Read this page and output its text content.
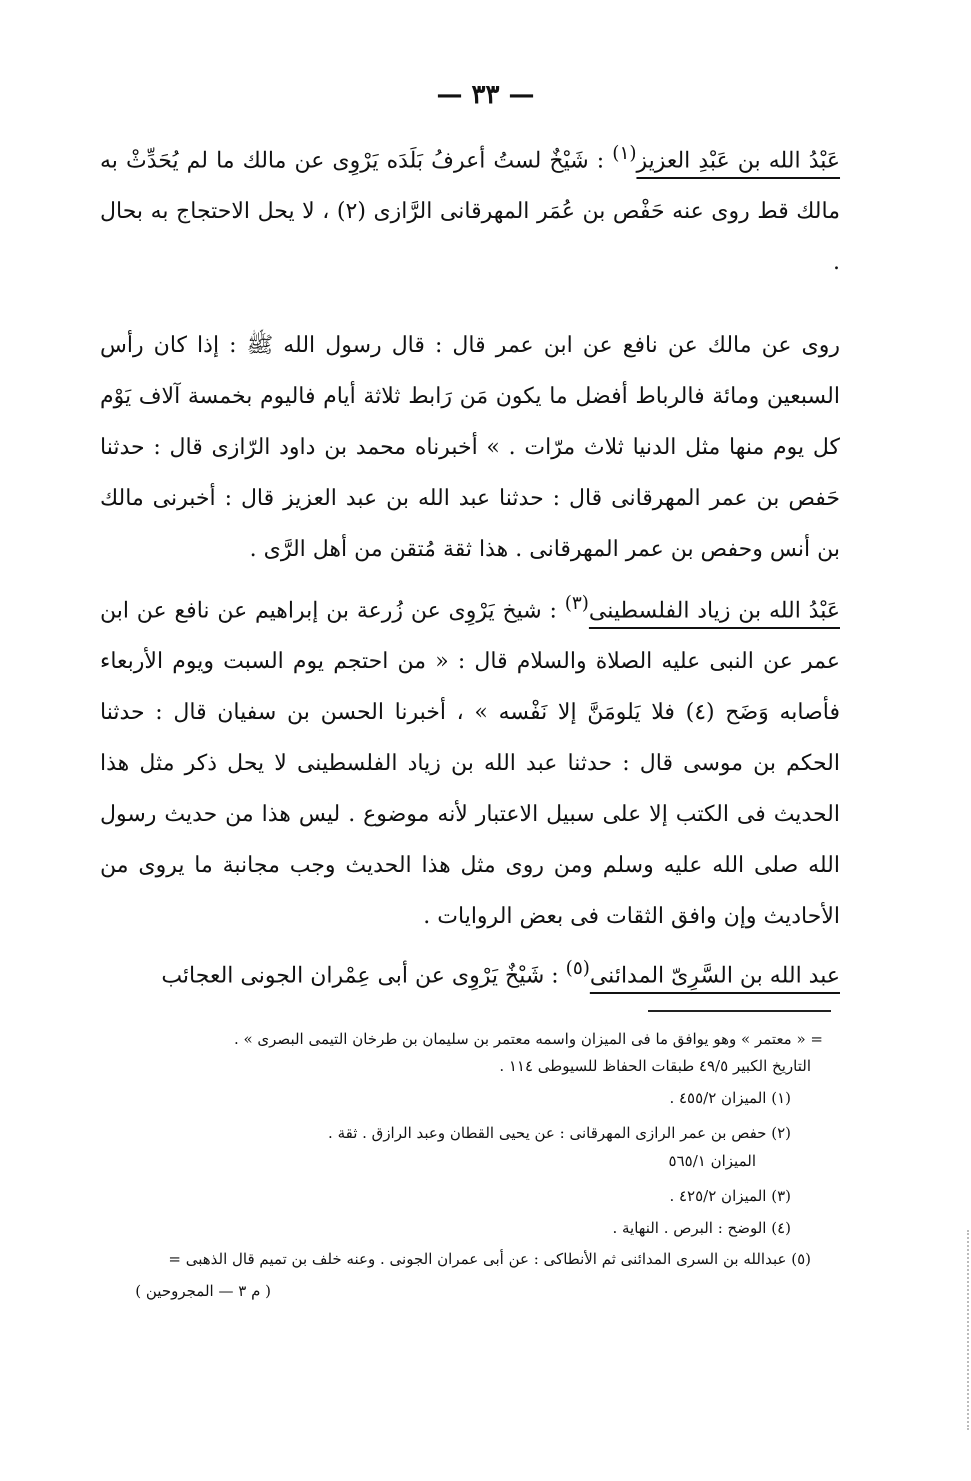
— ٣٣ —
عَبْدُ الله بن عَبْدِ العزيز$^{(١)}$ : شَيْخٌ لستُ أعرفُ بَلَدَه يَرْوِى عن مالك ما لم يُحَدِّثْ به مالك قط روى عنه حَفْص بن عُمَر المهرقانى الرَّازى (٢) ، لا يحل الاحتجاج به بحال .
روى عن مالك عن نافع عن ابن عمر قال : قال رسول الله ﷺ : إذا كان رأس السبعين ومائة فالرباط أفضل ما يكون مَن رَابط ثلاثة أيام فاليوم بخمسة آلاف يَوْم كل يوم منها مثل الدنيا ثلاث مرّات . » أخبرناه محمد بن داود الرّازى قال : حدثنا حَفص بن عمر المهرقانى قال : حدثنا عبد الله بن عبد العزيز قال : أخبرنى مالك بن أنس وحفص بن عمر المهرقانى . هذا ثقة مُتقن من أهل الرَّى .
عَبْدُ الله بن زياد الفلسطينى$^{(٣)}$ : شيخ يَرْوِى عن زُرعة بن إبراهيم عن نافع عن ابن عمر عن النبى عليه الصلاة والسلام قال : « من احتجم يوم السبت ويوم الأربعاء فأصابه وَضَح (٤) فلا يَلومَنَّ إلا نَفْسه » ، أخبرنا الحسن بن سفيان قال : حدثنا الحكم بن موسى قال : حدثنا عبد الله بن زياد الفلسطينى لا يحل ذكر مثل هذا الحديث فى الكتب إلا على سبيل الاعتبار لأنه موضوع . ليس هذا من حديث رسول الله صلى الله عليه وسلم ومن روى مثل هذا الحديث وجب مجانبة ما يروى من الأحاديث وإن وافق الثقات فى بعض الروايات .
عبد الله بن السَّرِىّ المدائنى$^{(٥)}$ : شَيْخٌ يَرْوِى عن أبى عِمْران الجونى العجائب
= « معتمر » وهو يوافق ما فى الميزان واسمه معتمر بن سليمان بن طرخان التيمى البصرى » .
التاريخ الكبير ٤٩/٥ طبقات الحفاظ للسيوطى ١١٤ .
(١) الميزان ٤٥٥/٢ .
(٢) حفص بن عمر الرازى المهرقانى : عن يحيى القطان وعبد الرازق . ثقة .
الميزان ٥٦٥/١
(٣) الميزان ٤٢٥/٢ .
(٤) الوضح : البرص . النهاية .
(٥) عبدالله بن السرى المدائنى ثم الأنطاكى : عن أبى عمران الجونى . وعنه خلف بن تميم قال الذهبى =
( م ٣ — المجروحين )
